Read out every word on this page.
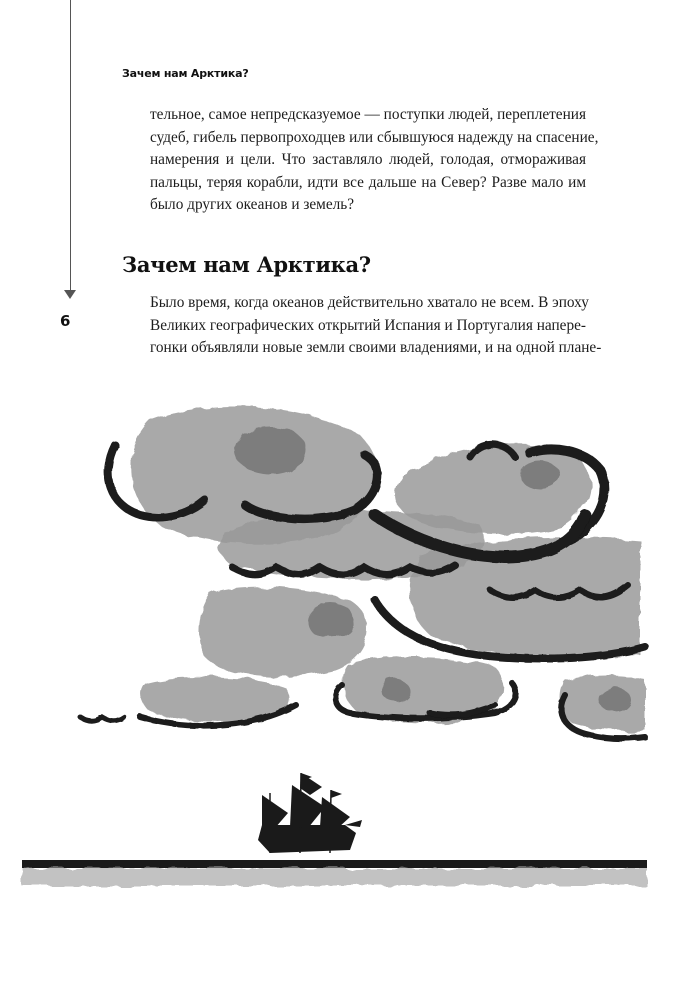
6
Зачем нам Арктика?

тельное, самое непредсказуемое — поступки людей, переплетения
судеб, гибель первопроходцев или сбывшуюся надежду на спасение,
намерения и цели. Что заставляло людей, голодая, отмораживая
пальцы, теряя корабли, идти все дальше на Север? Разве мало им
было других океанов и земель?

Зачем нам Арктика?

Было время, когда океанов действительно хватало не всем. В эпоху
Великих географических открытий Испания и Португалия напере-
гонки объявляли новые земли своими владениями, и на одной плане-
